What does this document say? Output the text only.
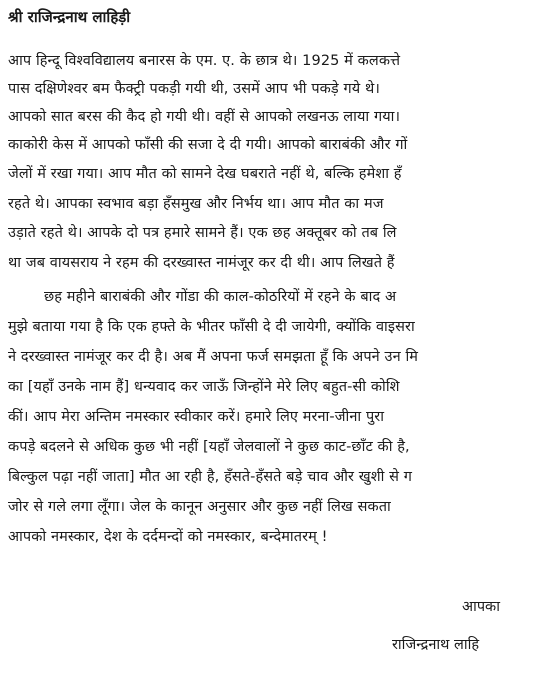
श्री राजिन्द्रनाथ लाहिड़ी
आप हिन्दू विश्वविद्यालय बनारस के एम. ए. के छात्र थे। 1925 में कलकत्ते
पास दक्षिणेश्वर बम फैक्ट्री पकड़ी गयी थी, उसमें आप भी पकड़े गये थे।
आपको सात बरस की कैद हो गयी थी। वहीं से आपको लखनऊ लाया गया।
काकोरी केस में आपको फाँसी की सजा दे दी गयी। आपको बाराबंकी और गों
जेलों में रखा गया। आप मौत को सामने देख घबराते नहीं थे, बल्कि हमेशा हँ
रहते थे। आपका स्वभाव बड़ा हँसमुख और निर्भय था। आप मौत का मज
उड़ाते रहते थे। आपके दो पत्र हमारे सामने हैं। एक छह अक्तूबर को तब लि
था जब वायसराय ने रहम की दरख्वास्त नामंजूर कर दी थी। आप लिखते हैं
छह महीने बाराबंकी और गोंडा की काल-कोठरियों में रहने के बाद अ
मुझे बताया गया है कि एक हफ्ते के भीतर फाँसी दे दी जायेगी, क्योंकि वाइसरा
ने दरख्वास्त नामंजूर कर दी है। अब मैं अपना फर्ज समझता हूँ कि अपने उन मि
का [यहाँ उनके नाम हैं] धन्यवाद कर जाऊँ जिन्होंने मेरे लिए बहुत-सी कोशि
कीं। आप मेरा अन्तिम नमस्कार स्वीकार करें। हमारे लिए मरना-जीना पुरा
कपड़े बदलने से अधिक कुछ भी नहीं [यहाँ जेलवालों ने कुछ काट-छाँट की है,
बिल्कुल पढ़ा नहीं जाता] मौत आ रही है, हँसते-हँसते बड़े चाव और खुशी से ग
जोर से गले लगा लूँगा। जेल के कानून अनुसार और कुछ नहीं लिख सकता
आपको नमस्कार, देश के दर्दमन्दों को नमस्कार, बन्देमातरम् !
आपका
राजिन्द्रनाथ लाहि
